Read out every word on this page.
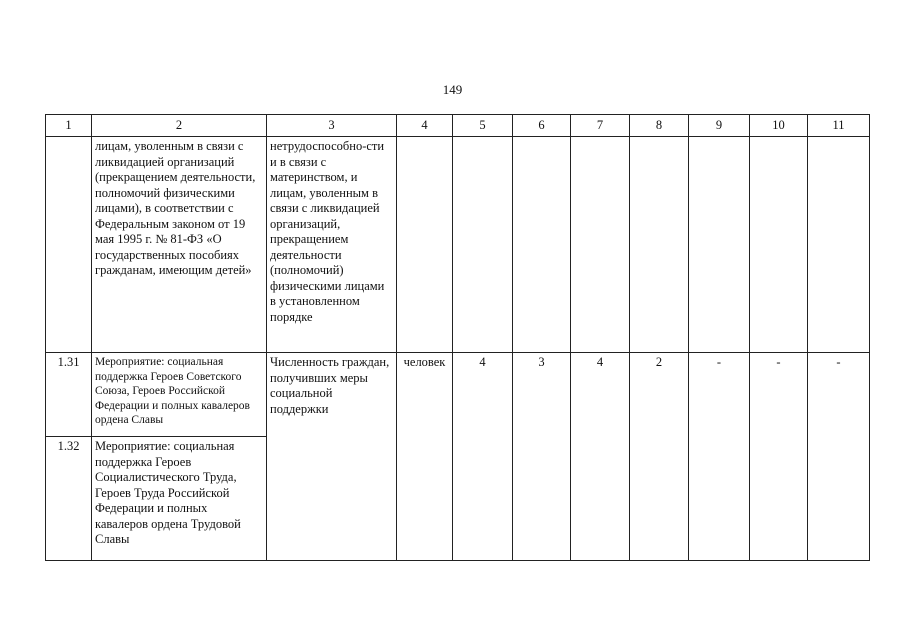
149
1	2	3	4	5	6	7	8	9	10	11
	лицам, уволенным в связи с ликвидацией организаций (прекращением деятельности, полномочий физическими лицами), в соответствии с Федеральным законом от 19 мая 1995 г. № 81-ФЗ «О государственных пособиях гражданам, имеющим детей»	нетрудоспособно-сти и в связи с материнством, и лицам, уволенным в связи с ликвидацией организаций, прекращением деятельности (полномочий) физическими лицами в установленном порядке								
1.31	Мероприятие: социальная поддержка Героев Советского Союза, Героев Российской Федерации и полных кавалеров ордена Славы	Численность граждан, получивших меры социальной поддержки	человек	4	3	4	2	-	-	-
1.32	Мероприятие: социальная поддержка Героев Социалистического Труда, Героев Труда Российской Федерации и полных кавалеров ордена Трудовой Славы									
